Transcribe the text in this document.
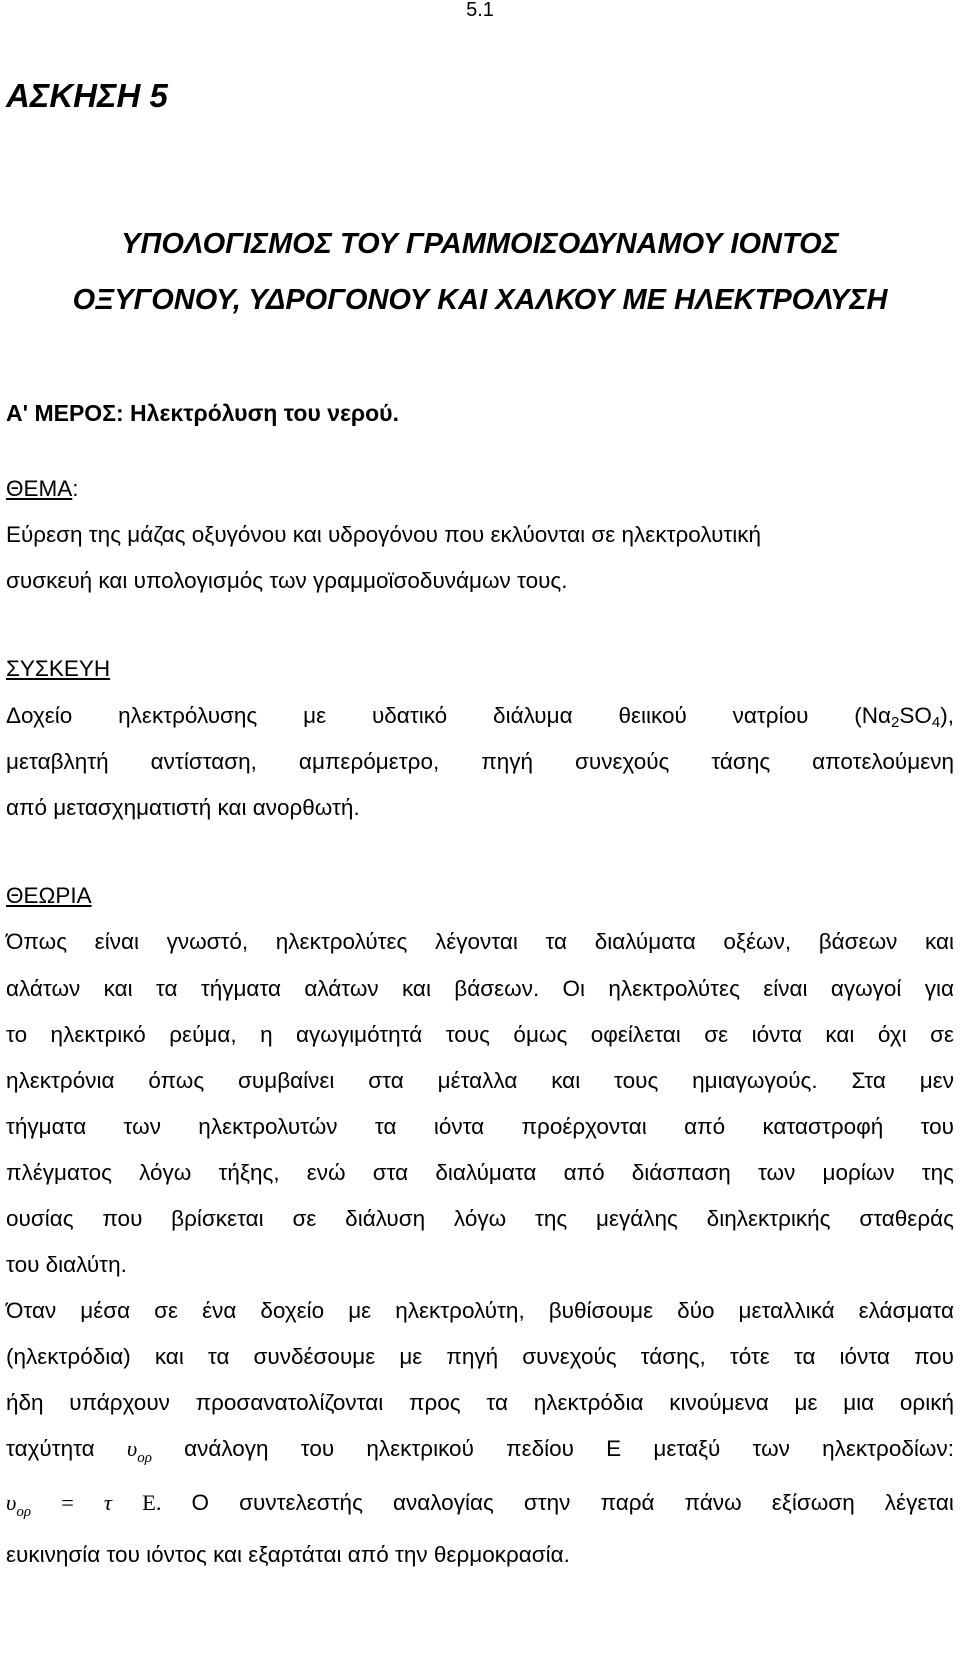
5.1
ΑΣΚΗΣΗ 5
ΥΠΟΛΟΓΙΣΜΟΣ ΤΟΥ ΓΡΑΜΜΟΙΣΟΔΥΝΑΜΟΥ ΙΟΝΤΟΣ
ΟΞΥΓΟΝΟΥ, ΥΔΡΟΓΟΝΟΥ ΚΑΙ ΧΑΛΚΟΥ ΜΕ ΗΛΕΚΤΡΟΛΥΣΗ
Α' ΜΕΡΟΣ: Ηλεκτρόλυση του νερού.

ΘΕΜΑ:

Εύρεση της μάζας οξυγόνου και υδρογόνου που εκλύονται σε ηλεκτρολυτική

συσκευή και υπολογισμός των γραμμοϊσοδυνάμων τους.

ΣΥΣΚΕΥΗ

Δοχείο ηλεκτρόλυσης με υδατικό διάλυμα θειικού νατρίου $(N\alpha_2SO_4)$,

μεταβλητή αντίσταση, αμπερόμετρο, πηγή συνεχούς τάσης αποτελούμενη

από μετασχηματιστή και ανορθωτή.

ΘΕΩΡΙΑ

Όπως είναι γνωστό, ηλεκτρολύτες λέγονται τα διαλύματα οξέων, βάσεων και

αλάτων και τα τήγματα αλάτων και βάσεων. Οι ηλεκτρολύτες είναι αγωγοί για

το ηλεκτρικό ρεύμα, η αγωγιμότητά τους όμως οφείλεται σε ιόντα και όχι σε

ηλεκτρόνια όπως συμβαίνει στα μέταλλα και τους ημιαγωγούς. Στα μεν

τήγματα των ηλεκτρολυτών τα ιόντα προέρχονται από καταστροφή του

πλέγματος λόγω τήξης, ενώ στα διαλύματα από διάσπαση των μορίων της

ουσίας που βρίσκεται σε διάλυση λόγω της μεγάλης διηλεκτρικής σταθεράς

του διαλύτη.

Όταν μέσα σε ένα δοχείο με ηλεκτρολύτη, βυθίσουμε δύο μεταλλικά ελάσματα

(ηλεκτρόδια) και τα συνδέσουμε με πηγή συνεχούς τάσης, τότε τα ιόντα που

ήδη υπάρχουν προσανατολίζονται προς τα ηλεκτρόδια κινούμενα με μια ορική

ταχύτητα $\upsilon_{o\rho}$ ανάλογη του ηλεκτρικού πεδίου Ε μεταξύ των ηλεκτροδίων:

$\upsilon_{o\rho} = \tau$ Ε. Ο συντελεστής αναλογίας στην παρά πάνω εξίσωση λέγεται

ευκινησία του ιόντος και εξαρτάται από την θερμοκρασία.
